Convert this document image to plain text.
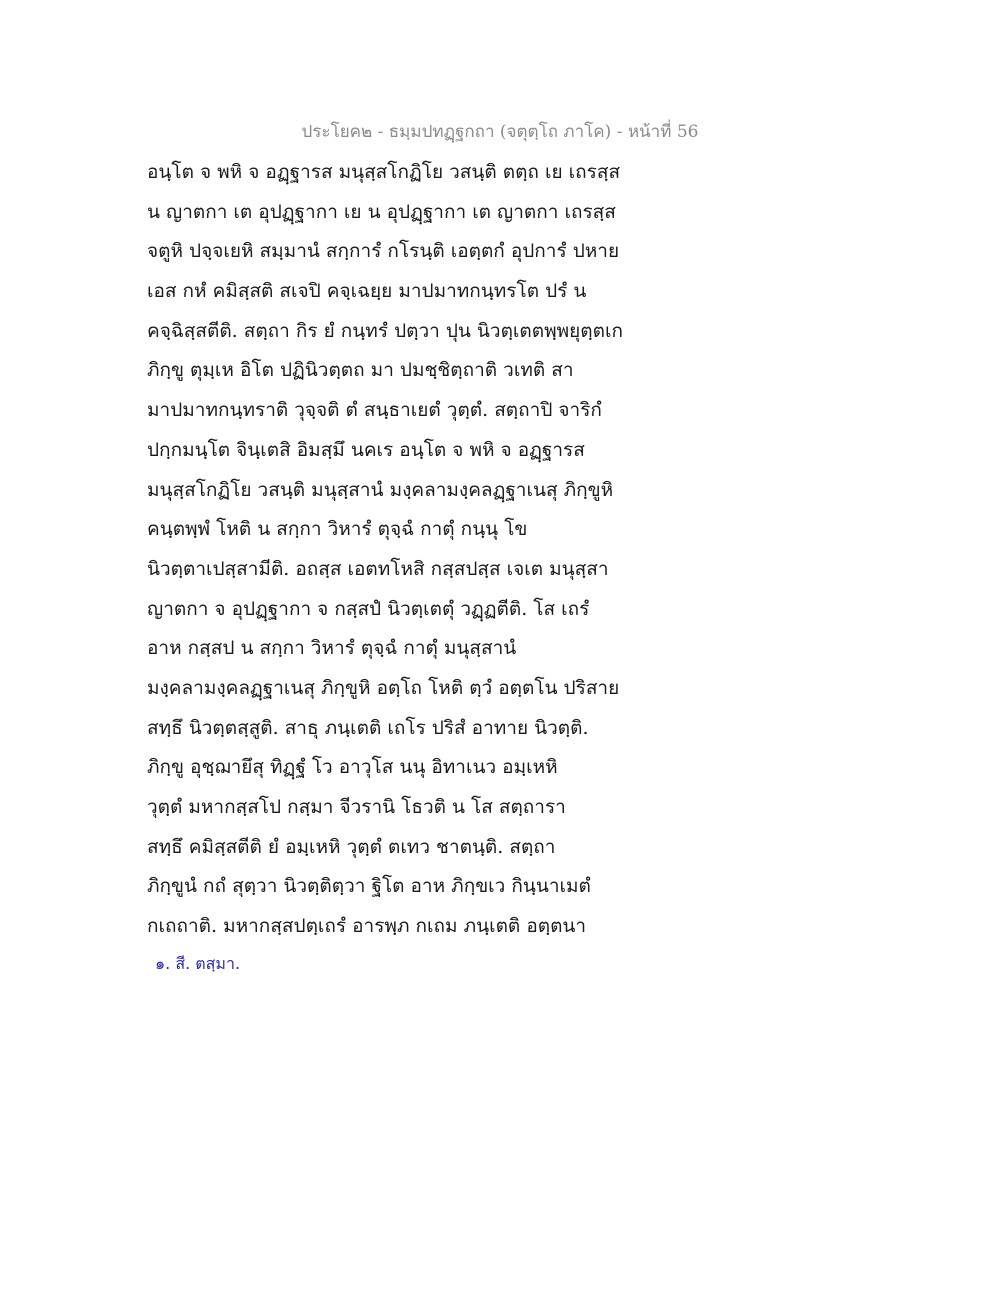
ประโยค๒ - ธมฺมปทฏฺฐกถา (จตุตฺโถ ภาโค) - หน้าที่ 56
อนฺโต จ พหิ จ อฏฺฐารส มนุสฺสโกฏิโย วสนฺติ ตตฺถ เย เถรสฺส
น ญาตกา เต อุปฏฺฐากา เย น อุปฏฺฐากา เต ญาตกา เถรสฺส
จตูหิ ปจฺจเยหิ สมฺมานํ สกฺการํ กโรนฺติ เอตฺตกํ อุปการํ ปหาย
เอส กหํ คมิสฺสติ สเจปิ คจฺเฉยฺย มาปมาทกนฺทรโต ปรํ น
คจฺฉิสฺสตีติ. สตฺถา กิร ยํ กนฺทรํ ปตฺวา ปุน นิวตฺเตตพฺพยุตฺตเก
ภิกฺขู ตุมฺเห อิโต ปฏินิวตฺตถ มา ปมชฺชิตฺถาติ วเทติ สา
มาปมาทกนฺทราติ วุจฺจติ ตํ สนฺธาเยตํ วุตฺตํ. สตฺถาปิ จาริกํ
ปกฺกมนฺโต จินฺเตสิ อิมสฺมึ นคเร อนฺโต จ พหิ จ อฏฺฐารส
มนุสฺสโกฏิโย วสนฺติ มนุสฺสานํ มงฺคลามงฺคลฏฺฐาเนสุ ภิกฺขูหิ
คนฺตพฺพํ โหติ น สกฺกา วิหารํ ตุจฺฉํ กาตุํ กนฺนุ โข
นิวตฺตาเปสฺสามีติ. อถสฺส เอตทโหสิ กสฺสปสฺส เจเต มนุสฺสา
ญาตกา จ อุปฏฺฐากา จ กสฺสปํ นิวตฺเตตุํ วฏฺฏตีติ. โส เถรํ
อาห กสฺสป น สกฺกา วิหารํ ตุจฺฉํ กาตุํ มนุสฺสานํ
มงฺคลามงฺคลฏฺฐาเนสุ ภิกฺขูหิ อตฺโถ โหติ ตฺวํ อตฺตโน ปริสาย
สทฺธึ นิวตฺตสฺสูติ. สาธุ ภนฺเตติ เถโร ปริสํ อาทาย นิวตฺติ.
ภิกฺขู อุชฺฌายึสุ ทิฏฺฐํ โว อาวุโส นนุ อิทาเนว อมฺเหหิ
วุตฺตํ มหากสฺสโป กสฺมา จีวรานิ โธวติ น โส สตฺถารา
สทฺธึ คมิสฺสตีติ ยํ อมฺเหหิ วุตฺตํ ตเทว ชาตนฺติ. สตฺถา
ภิกฺขูนํ กถํ สุตฺวา นิวตฺติตฺวา ฐิโต อาห ภิกฺขเว กินฺนาเมตํ
กเถถาติ. มหากสฺสปตฺเถรํ อารพฺภ กเถม ภนฺเตติ อตฺตนา
๑. สี. ตสฺมา.
